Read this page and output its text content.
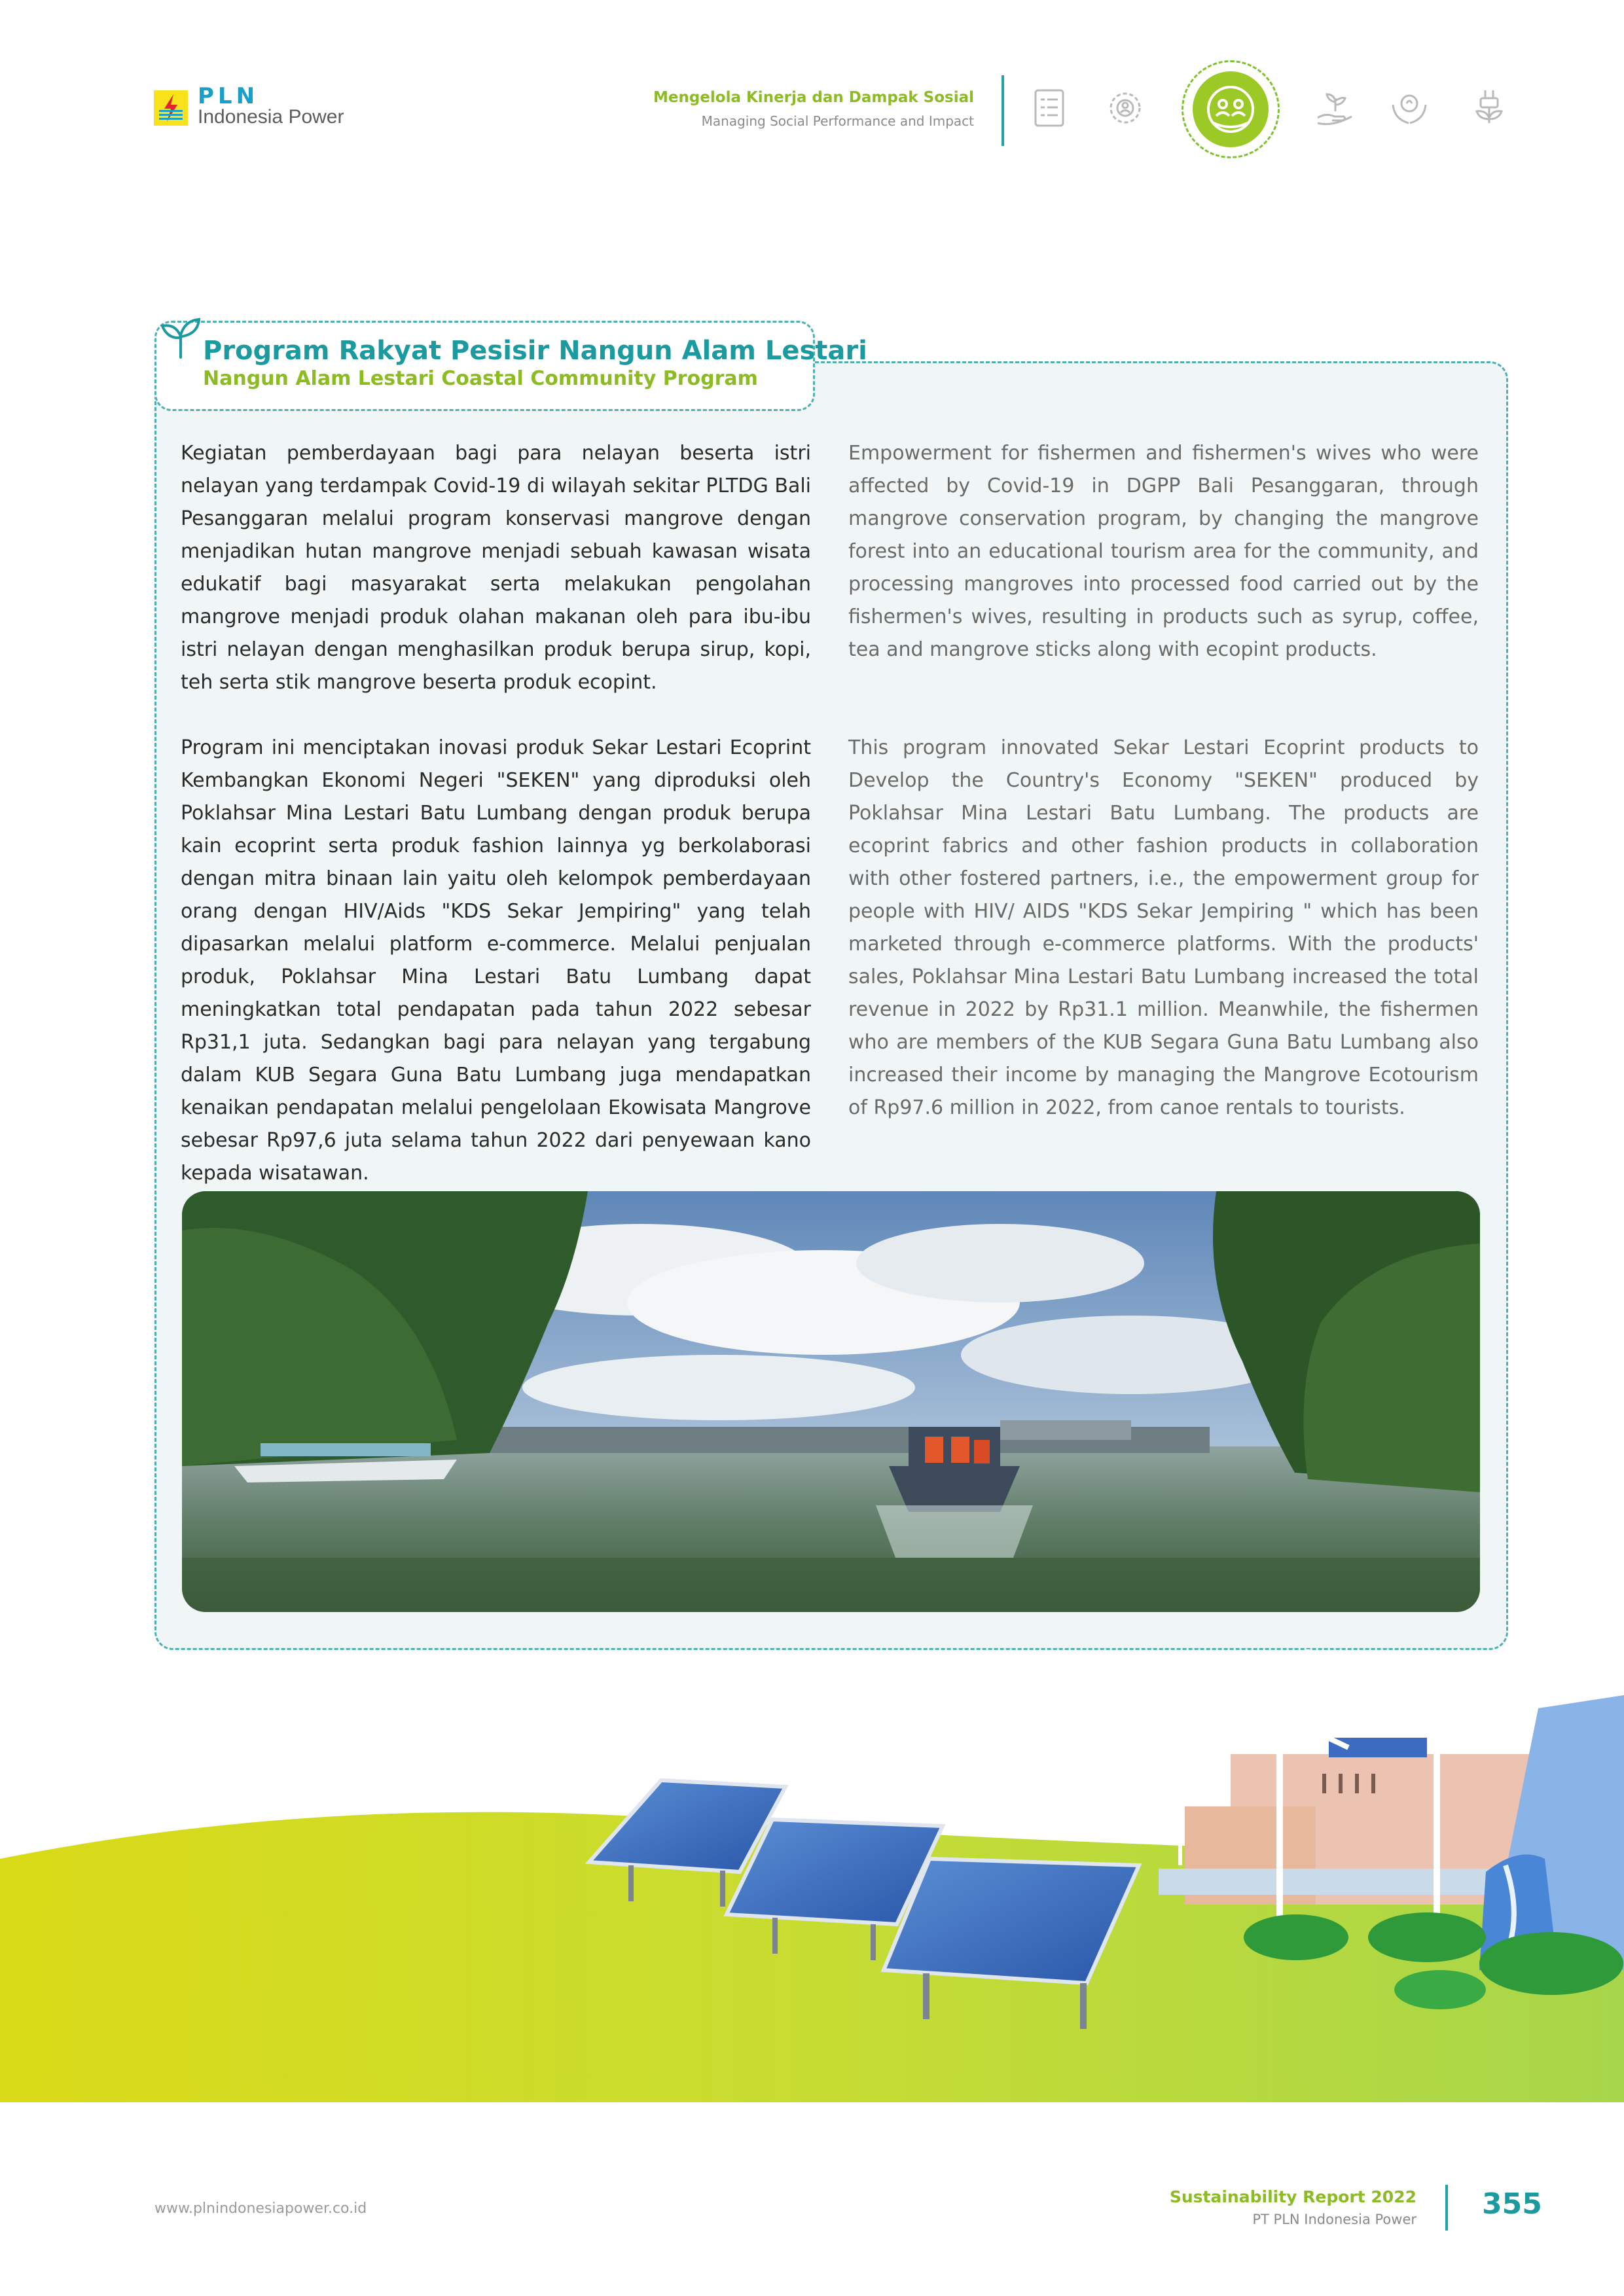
PLN
Indonesia Power
Mengelola Kinerja dan Dampak Sosial
Managing Social Performance and Impact
Program Rakyat Pesisir Nangun Alam Lestari
Nangun Alam Lestari Coastal Community Program
Kegiatan pemberdayaan bagi para nelayan beserta istri nelayan yang terdampak Covid-19 di wilayah sekitar PLTDG Bali Pesanggaran melalui program konservasi mangrove dengan menjadikan hutan mangrove menjadi sebuah kawasan wisata edukatif bagi masyarakat serta melakukan pengolahan mangrove menjadi produk olahan makanan oleh para ibu-ibu istri nelayan dengan menghasilkan produk berupa sirup, kopi, teh serta stik mangrove beserta produk ecopint.
Empowerment for fishermen and fishermen's wives who were affected by Covid-19 in DGPP Bali Pesanggaran, through mangrove conservation program, by changing the mangrove forest into an educational tourism area for the community, and processing mangroves into processed food carried out by the fishermen's wives, resulting in products such as syrup, coffee, tea and mangrove sticks along with ecopint products.
Program ini menciptakan inovasi produk Sekar Lestari Ecoprint Kembangkan Ekonomi Negeri "SEKEN" yang diproduksi oleh Poklahsar Mina Lestari Batu Lumbang dengan produk berupa kain ecoprint serta produk fashion lainnya yg berkolaborasi dengan mitra binaan lain yaitu oleh kelompok pemberdayaan orang dengan HIV/Aids "KDS Sekar Jempiring" yang telah dipasarkan melalui platform e-commerce. Melalui penjualan produk, Poklahsar Mina Lestari Batu Lumbang dapat meningkatkan total pendapatan pada tahun 2022 sebesar Rp31,1 juta. Sedangkan bagi para nelayan yang tergabung dalam KUB Segara Guna Batu Lumbang juga mendapatkan kenaikan pendapatan melalui pengelolaan Ekowisata Mangrove sebesar Rp97,6 juta selama tahun 2022 dari penyewaan kano kepada wisatawan.
This program innovated Sekar Lestari Ecoprint products to Develop the Country's Economy "SEKEN" produced by Poklahsar Mina Lestari Batu Lumbang. The products are ecoprint fabrics and other fashion products in collaboration with other fostered partners, i.e., the empowerment group for people with HIV/ AIDS "KDS Sekar Jempiring " which has been marketed through e-commerce platforms. With the products' sales, Poklahsar Mina Lestari Batu Lumbang increased the total revenue in 2022 by Rp31.1 million. Meanwhile, the fishermen who are members of the KUB Segara Guna Batu Lumbang also increased their income by managing the Mangrove Ecotourism of Rp97.6 million in 2022, from canoe rentals to tourists.
www.plnindonesiapower.co.id
Sustainability Report 2022
PT PLN Indonesia Power 355
